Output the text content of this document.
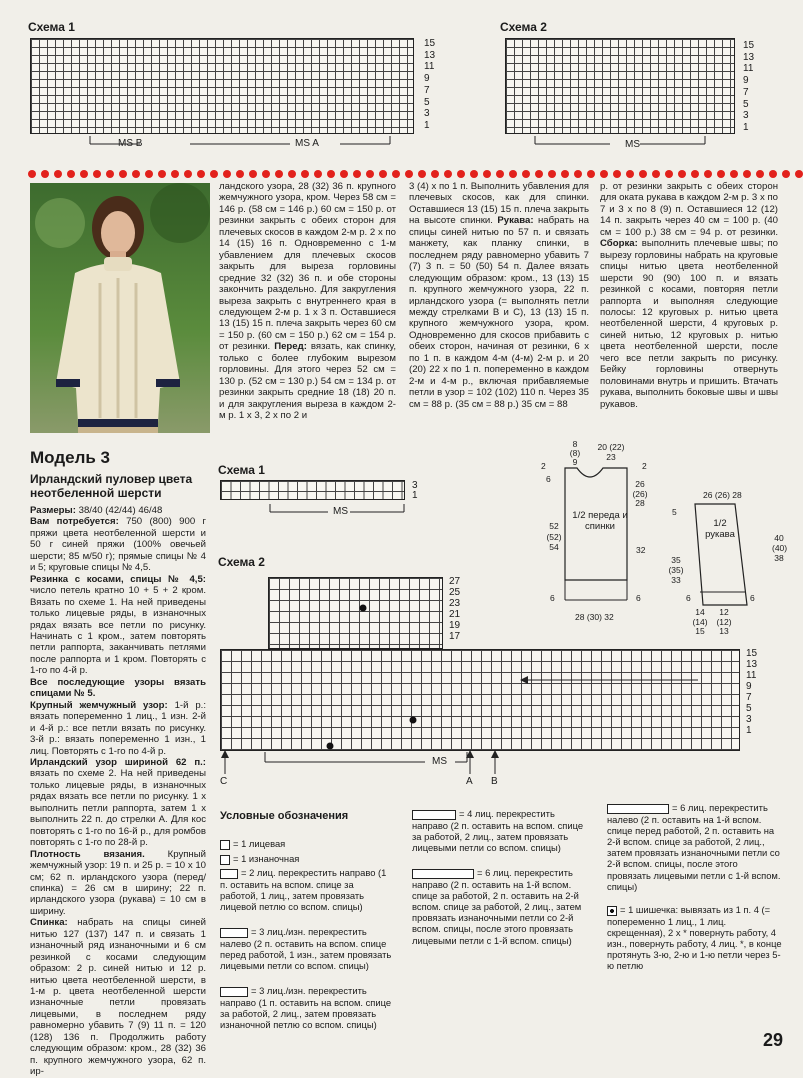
Схема 1
15
13
11
9
7
5
3
1
MS B	MS A
Схема 2
15
13
11
9
7
5
3
1
MS
ландского узора, 28 (32) 36 п. крупного жемчужного узора, кром. Через 58 см = 146 р. (58 см = 146 р.) 60 см = 150 р. от резинки закрыть с обеих сторон для плечевых скосов в каждом 2-м р. 2 х по 14 (15) 16 п. Одновременно с 1-м убавлением для плечевых скосов закрыть для выреза горловины средние 32 (32) 36 п. и обе стороны закончить раздельно. Для закругления выреза закрыть с внутреннего края в следующем 2-м р. 1 х 3 п. Оставшиеся 13 (15) 15 п. плеча закрыть через 60 см = 150 р. (60 см = 150 р.) 62 см = 154 р. от резинки. Перед: вязать, как спинку, только с более глубоким вырезом горловины. Для этого через 52 см = 130 р. (52 см = 130 р.) 54 см = 134 р. от резинки закрыть средние 18 (18) 20 п. и для закругления выреза в каждом 2-м р. 1 х 3, 2 х по 2 и
3 (4) х по 1 п. Выполнить убавления для плечевых скосов, как для спинки. Оставшиеся 13 (15) 15 п. плеча закрыть на высоте спинки. Рукава: набрать на спицы синей нитью по 57 п. и связать манжету, как планку спинки, в последнем ряду равномерно убавить 7 (7) 3 п. = 50 (50) 54 п. Далее вязать следующим образом: кром., 13 (13) 15 п. крупного жемчужного узора, 22 п. ирландского узора (= выполнять петли между стрелками В и С), 13 (13) 15 п. крупного жемчужного узора, кром. Одновременно для скосов прибавить с обеих сторон, начиная от резинки, 6 х по 1 п. в каждом 4-м (4-м) 2-м р. и 20 (20) 22 х по 1 п. попеременно в каждом 2-м и 4-м р., включая прибавляемые петли в узор = 102 (102) 110 п. Через 35 см = 88 р. (35 см = 88 р.) 35 см = 88
р. от резинки закрыть с обеих сторон для оката рукава в каждом 2-м р. 3 х по 7 и 3 х по 8 (9) п. Оставшиеся 12 (12) 14 п. закрыть через 40 см = 100 р. (40 см = 100 р.) 38 см = 94 р. от резинки. Сборка: выполнить плечевые швы; по вырезу горловины набрать на круговые спицы нитью цвета неотбеленной шерсти 90 (90) 100 п. и вязать резинкой с косами, повторяя петли раппорта и выполняя следующие полосы: 12 круговых р. нитью цвета неотбеленной шерсти, 4 круговых р. синей нитью, 12 круговых р. нитью цвета неотбеленной шерсти, после чего все петли закрыть по рисунку. Бейку горловины отвернуть половинами внутрь и пришить. Втачать рукава, выполнить боковые швы и швы рукавов.
Модель 3
Ирландский пуловер цвета неотбеленной шерсти
Размеры: 38/40 (42/44) 46/48
Вам потребуется: 750 (800) 900 г пряжи цвета неотбеленной шерсти и 50 г синей пряжи (100% овечьей шерсти; 85 м/50 г); прямые спицы № 4 и 5; круговые спицы № 4,5.
Резинка с косами, спицы № 4,5: число петель кратно 10 + 5 + 2 кром. Вязать по схеме 1. На ней приведены только лицевые ряды, в изнаночных рядах вязать все петли по рисунку. Начинать с 1 кром., затем повторять петли раппорта, заканчивать петлями после раппорта и 1 кром. Повторять с 1-го по 4-й р.
Все последующие узоры вязать спицами № 5.
Крупный жемчужный узор: 1-й р.: вязать попеременно 1 лиц., 1 изн. 2-й и 4-й р.: все петли вязать по рисунку. 3-й р.: вязать попеременно 1 изн., 1 лиц. Повторять с 1-го по 4-й р.
Ирландский узор шириной 62 п.: вязать по схеме 2. На ней приведены только лицевые ряды, в изнаночных рядах вязать все петли по рисунку. 1 х выполнить петли раппорта, затем 1 х выполнить 22 п. до стрелки А. Для кос повторять с 1-го по 16-й р., для ромбов повторять с 1-го по 28-й р.
Плотность вязания. Крупный жемчужный узор: 19 п. и 25 р. = 10 х 10 см; 62 п. ирландского узора (перед/спинка) = 26 см в ширину; 22 п. ирландского узора (рукава) = 10 см в ширину.
Спинка: набрать на спицы синей нитью 127 (137) 147 п. и связать 1 изнаночный ряд изнаночными и 6 см резинкой с косами следующим образом: 2 р. синей нитью и 12 р. нитью цвета неотбеленной шерсти, в 1-м р. цвета неотбеленной шерсти изнаночные петли провязать лицевыми, в последнем ряду равномерно убавить 7 (9) 11 п. = 120 (128) 136 п. Продолжить работу следующим образом: кром., 28 (32) 36 п. крупного жемчужного узора, 62 п. ир-
Схема 1
3
1
MS
Схема 2
27
25
23
21
19
17
15
13
11
9
7
5
3
1
MS
C	A B
1/2 переда и спинки
8 (8) 9
20 (22) 23
2
6
2
26 (26) 28
52 (52) 54	32
6	6
28 (30) 32
1/2 рукава
26 (26) 28
5
40 (40) 38
35 (35) 33
6	6
14 (14) 15
12 (12) 13
Условные обозначения
= 1 лицевая
= 1 изнаночная
= 2 лиц. перекрестить направо (1 п. оставить на вспом. спице за работой, 1 лиц., затем провязать лицевой петлю со вспом. спицы)
= 3 лиц./изн. перекрестить налево (2 п. оставить на вспом. спице перед работой, 1 изн., затем провязать лицевыми петли со вспом. спицы)
= 3 лиц./изн. перекрестить направо (1 п. оставить на вспом. спице за работой, 2 лиц., затем провязать изнаночной петлю со вспом. спицы)
= 4 лиц. перекрестить направо (2 п. оставить на вспом. спице за работой, 2 лиц., затем провязать лицевыми петли со вспом. спицы)
= 6 лиц. перекрестить направо (2 п. оставить на 1-й вспом. спице за работой, 2 п. оставить на 2-й вспом. спице за работой, 2 лиц., затем провязать изнаночными петли со 2-й вспом. спицы, после этого провязать лицевыми петли с 1-й вспом. спицы)
= 6 лиц. перекрестить налево (2 п. оставить на 1-й вспом. спице перед работой, 2 п. оставить на 2-й вспом. спице за работой, 2 лиц., затем провязать изнаночными петли со 2-й вспом. спицы, после этого провязать лицевыми петли с 1-й вспом. спицы)
= 1 шишечка: вывязать из 1 п. 4 (= попеременно 1 лиц., 1 лиц. скрещенная), 2 х * повернуть работу, 4 изн., повернуть работу, 4 лиц. *, в конце протянуть 3-ю, 2-ю и 1-ю петли через 5-ю петлю
29
